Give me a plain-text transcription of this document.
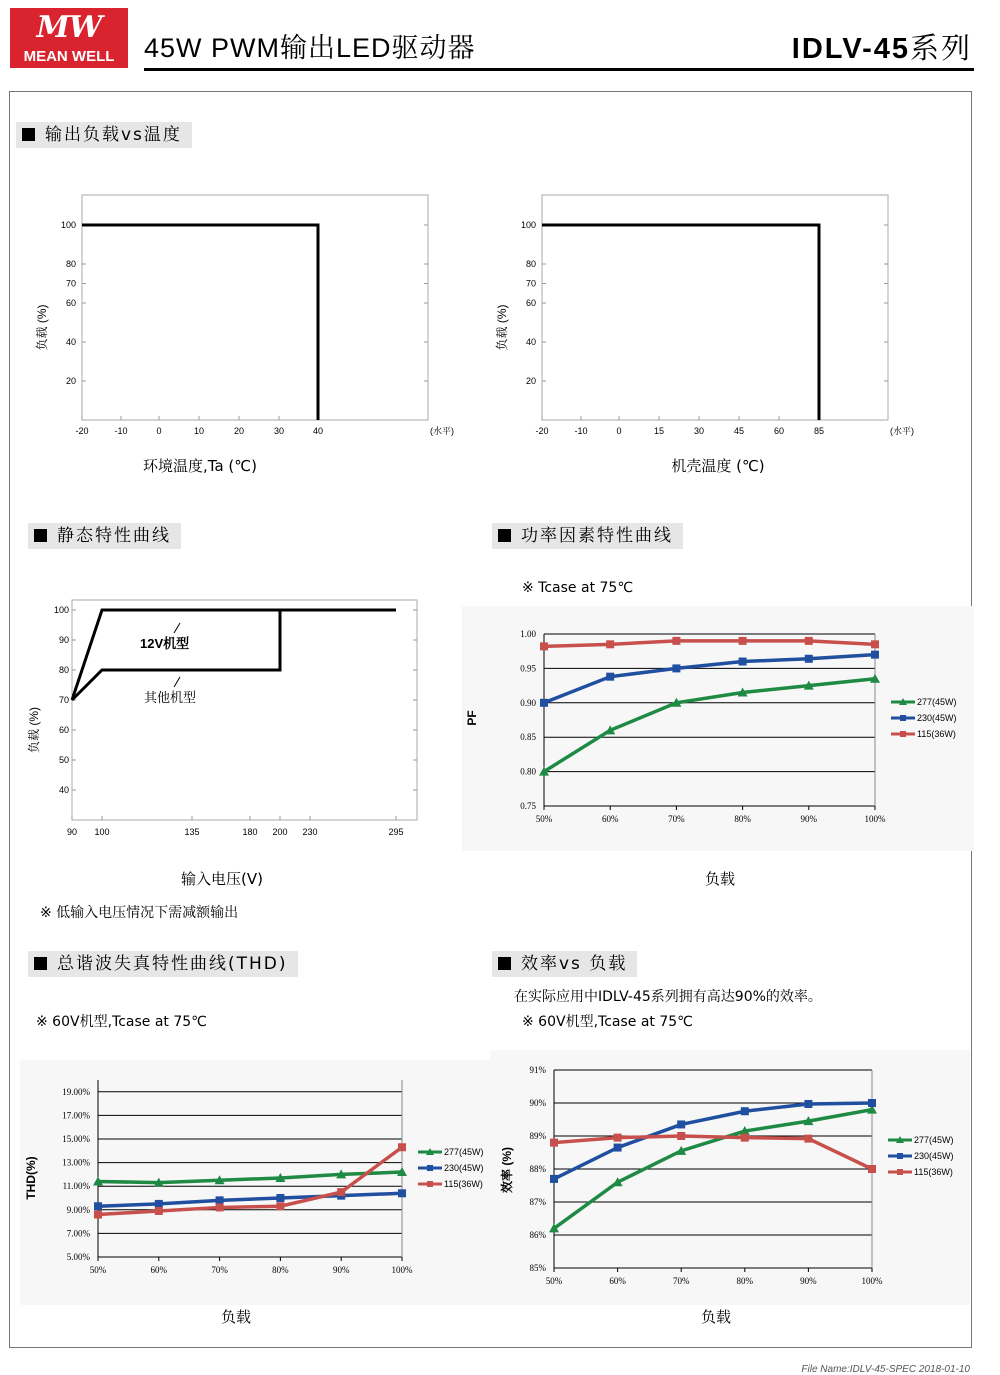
MW
MEAN WELL	45W PWM输出LED驱动器	IDLV-45系列
输出负载vs温度
静态特性曲线	功率因素特性曲线
总谐波失真特性曲线(THD)	效率vs 负载
※ Tcase at 75℃
※ 低输入电压情况下需减额输出
※ 60V机型,Tcase at 75℃
在实际应用中IDLV-45系列拥有高达90%的效率。
※ 60V机型,Tcase at 75℃
环境温度,Ta (℃)	机壳温度 (℃)
输入电压(V)	负载
负载	负载
20
40
60
70
80
100
-20	-10	0	10	20	30	40	(水平)
负载 (%)
20
40
60
70
80
100
-20	-10	0	15	30	45	60	85	(水平)
负载 (%)
40
50
60
70
80
90
100
90 100	135	180 200 230	295
负载 (%)
12V机型
其他机型
1.00
0.95
0.90
0.85
0.80
0.75
50%	60%	70%	80%	90%	100%
PF
277(45W)
230(45W)
115(36W)
19.00%
17.00%
15.00%
13.00%
11.00%
9.00%
7.00%
5.00%
50%	60%	70%	80%	90%	100%
THD(%)
277(45W)
230(45W)
115(36W)
91%
90%
89%
88%
87%
86%
85%
50%	60%	70%	80%	90%	100%
效率 (%)
277(45W)
230(45W)
115(36W)
File Name:IDLV-45-SPEC 2018-01-10
